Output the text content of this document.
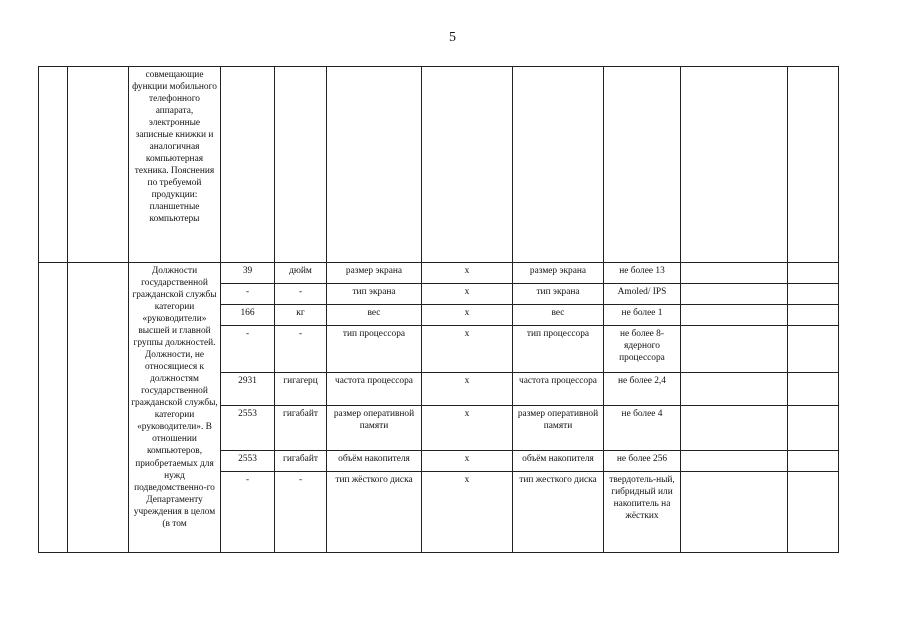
5
		совмещающие функции мобильного телефонного аппарата, электронные записные книжки и аналогичная компьютерная техника. Пояснения по требуемой продукции: планшетные компьютеры								
		Должности государственной гражданской службы категории «руководители» высшей и главной группы должностей. Должности, не относящиеся к должностям государственной гражданской службы, категории «руководители». В отношении компьютеров, приобретаемых для нужд подведомственно-го Департаменту учреждения в целом (в том	39	дюйм	размер экрана	x	размер экрана	не более 13		
			-	-	тип экрана	x	тип экрана	Amoled/ IPS		
			166	кг	вес	x	вес	не более 1		
			-	-	тип процессора	x	тип процессора	не более 8-ядерного процессора		
			2931	гигагерц	частота процессора	x	частота процессора	не более 2,4		
			2553	гигабайт	размер оперативной памяти	x	размер оперативной памяти	не более 4		
			2553	гигабайт	объём накопителя	x	объём накопителя	не более 256		
			-	-	тип жёсткого диска	x	тип жесткого диска	твердотель-ный, гибридный или накопитель на жёстких		
